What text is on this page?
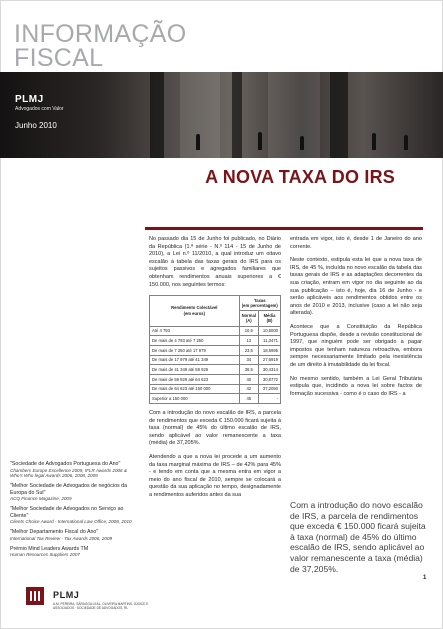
INFORMAÇÃO
FISCAL
PLMJ
Advogados com Valor
Junho 2010
A NOVA TAXA DO IRS

No passado dia 15 de Junho foi publicado, no Diário da República (1.ª série - N.º 114 - 15 de Junho de 2010), a Lei n.º 11/2010, a qual introduz um oitavo escalão à tabela das taxas gerais do IRS para os sujeitos passivos e agregados familiares que obtenham rendimentos anuais superiores a € 150.000, nos seguintes termos:

Rendimento Colectável
(em euros)	Taxas
(em percentagem)	
	Normal
(A)	Média
(B)
Até 4 793	10,5	10,5000
De mais de 4 793 até 7 250	13	11,3471
De mais de 7 250 até 17 979	23,5	18,5995
De mais de 17 979 até 41 349	34	27,6919
De mais de 41 349 até 59 926	36,5	30,4314
De mais de 59 926 até 64 623	40	30,8772
De mais de 64 623 até 150 000	42	37,2050
Superior a 150 000	45	-

Com a introdução do novo escalão de IRS, a parcela de rendimentos que exceda € 150.000 ficará sujeita à taxa (normal) de 45% do último escalão de IRS, sendo aplicável ao valor remanescente a taxa (média) de 37,205%.

Atendendo a que a nova lei procede a um aumento da taxa marginal máxima de IRS – de 42% para 45% - e tendo em conta que a mesma entra em vigor a meio do ano fiscal de 2010, sempre se colocará a questão da sua aplicação no tempo, designadamente a rendimentos auferidos antes da sua

entrada em vigor, isto é, desde 1 de Janeiro do ano corrente.

Neste contexto, estipula esta lei que a nova taxa de IRS, de 45 %, incluída no novo escalão da tabela das taxas gerais de IRS e as adaptações decorrentes da sua criação, entram em vigor no dia seguinte ao da sua publicação – isto é, hoje, dia 16 de Junho - e serão aplicáveis aos rendimentos obtidos entre os anos de 2010 e 2013, inclusive (caso a lei não seja alterada).

Acontece que a Constituição da República Portuguesa dispõe, desde a revisão constitucional de 1997, que ninguém pode ser obrigado a pagar impostos que tenham natureza retroactiva, embora sempre necessariamente limitado pela inexistência de um direito à imutabilidade da lei fiscal.

No mesmo sentido, também a Lei Geral Tributária estipula que, incidindo a nova lei sobre factos de formação sucessiva - como é o caso do IRS - a

Com a introdução do novo escalão de IRS, a parcela de rendimentos que exceda € 150.000 ficará sujeita à taxa (normal) de 45% do último escalão de IRS, sendo aplicável ao valor remanescente a taxa (média) de 37,205%.
"Sociedade de Advogados Portuguesa do Ano"
Chambers Europe Excellence 2009, IFLR Awards 2006 & Who's Who legal Awards 2006, 2008, 2009
"Melhor Sociedade de Advogados de negócios da Europa do Sul"
ACQ Finance Magazine, 2009
"Melhor Sociedade de Advogados no Serviço ao Cliente"
Clients Choice Award - International Law Office, 2008, 2010
"Melhor Departamento Fiscal do Ano"
International Tax Review - Tax Awards 2006, 2009
Prémio Mind Leaders Awards TM
Human Resources Suppliers 2007
1
PLMJ
A.M. PEREIRA, SÁRAGGA LEAL, OLIVEIRA MARTINS, JÚDICE E ASSOCIADOS · SOCIEDADE DE ADVOGADOS, RL
